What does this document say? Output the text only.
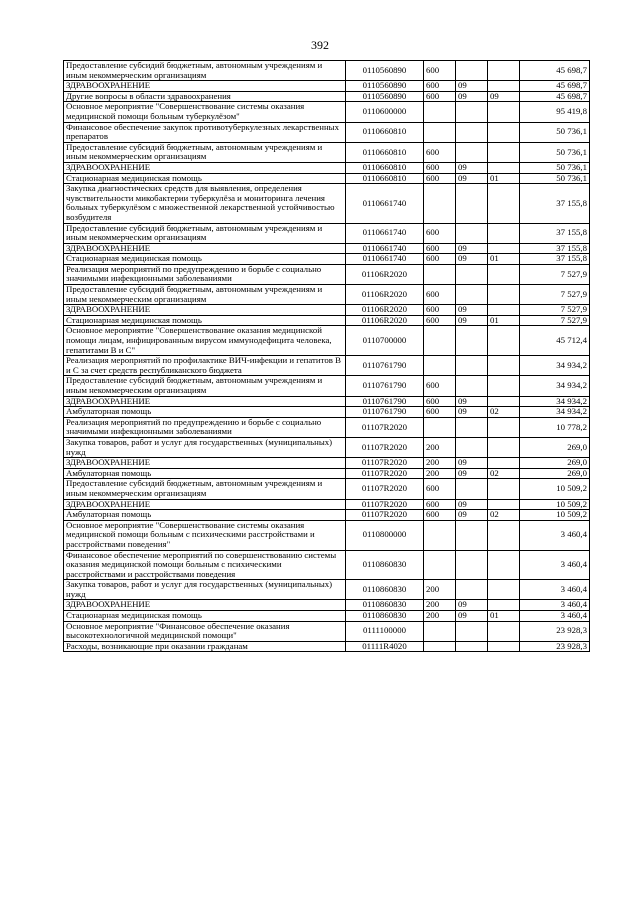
392
Предоставление субсидий бюджетным, автономным учреждениям и иным некоммерческим организациям	0110560890	600			45 698,7
ЗДРАВООХРАНЕНИЕ	0110560890	600	09		45 698,7
Другие вопросы в области здравоохранения	0110560890	600	09	09	45 698,7
Основное мероприятие "Совершенствование системы оказания медицинской помощи больным туберкулёзом"	0110600000				95 419,8
Финансовое обеспечение закупок противотуберкулезных лекарственных препаратов	0110660810				50 736,1
Предоставление субсидий бюджетным, автономным учреждениям и иным некоммерческим организациям	0110660810	600			50 736,1
ЗДРАВООХРАНЕНИЕ	0110660810	600	09		50 736,1
Стационарная медицинская помощь	0110660810	600	09	01	50 736,1
Закупка диагностических средств для выявления, определения чувствительности микобактерии туберкулёза и мониторинга лечения больных туберкулёзом с множественной лекарственной устойчивостью возбудителя	0110661740				37 155,8
Предоставление субсидий бюджетным, автономным учреждениям и иным некоммерческим организациям	0110661740	600			37 155,8
ЗДРАВООХРАНЕНИЕ	0110661740	600	09		37 155,8
Стационарная медицинская помощь	0110661740	600	09	01	37 155,8
Реализация мероприятий по предупреждению и борьбе с социально значимыми инфекционными заболеваниями	01106R2020				7 527,9
Предоставление субсидий бюджетным, автономным учреждениям и иным некоммерческим организациям	01106R2020	600			7 527,9
ЗДРАВООХРАНЕНИЕ	01106R2020	600	09		7 527,9
Стационарная медицинская помощь	01106R2020	600	09	01	7 527,9
Основное мероприятие "Совершенствование оказания медицинской помощи лицам, инфицированным вирусом иммунодефицита человека, гепатитами B и C"	0110700000				45 712,4
Реализация мероприятий по профилактике ВИЧ-инфекции и гепатитов B и C за счет средств республиканского бюджета	0110761790				34 934,2
Предоставление субсидий бюджетным, автономным учреждениям и иным некоммерческим организациям	0110761790	600			34 934,2
ЗДРАВООХРАНЕНИЕ	0110761790	600	09		34 934,2
Амбулаторная помощь	0110761790	600	09	02	34 934,2
Реализация мероприятий по предупреждению и борьбе с социально значимыми инфекционными заболеваниями	01107R2020				10 778,2
Закупка товаров, работ и услуг для государственных (муниципальных) нужд	01107R2020	200			269,0
ЗДРАВООХРАНЕНИЕ	01107R2020	200	09		269,0
Амбулаторная помощь	01107R2020	200	09	02	269,0
Предоставление субсидий бюджетным, автономным учреждениям и иным некоммерческим организациям	01107R2020	600			10 509,2
ЗДРАВООХРАНЕНИЕ	01107R2020	600	09		10 509,2
Амбулаторная помощь	01107R2020	600	09	02	10 509,2
Основное мероприятие "Совершенствование системы оказания медицинской помощи больным с психическими расстройствами и расстройствами поведения"	0110800000				3 460,4
Финансовое обеспечение мероприятий по совершенствованию системы оказания медицинской помощи больным с психическими расстройствами и расстройствами поведения	0110860830				3 460,4
Закупка товаров, работ и услуг для государственных (муниципальных) нужд	0110860830	200			3 460,4
ЗДРАВООХРАНЕНИЕ	0110860830	200	09		3 460,4
Стационарная медицинская помощь	0110860830	200	09	01	3 460,4
Основное мероприятие "Финансовое обеспечение оказания высокотехнологичной медицинской помощи"	0111100000				23 928,3
Расходы, возникающие при оказании гражданам	01111R4020				23 928,3
